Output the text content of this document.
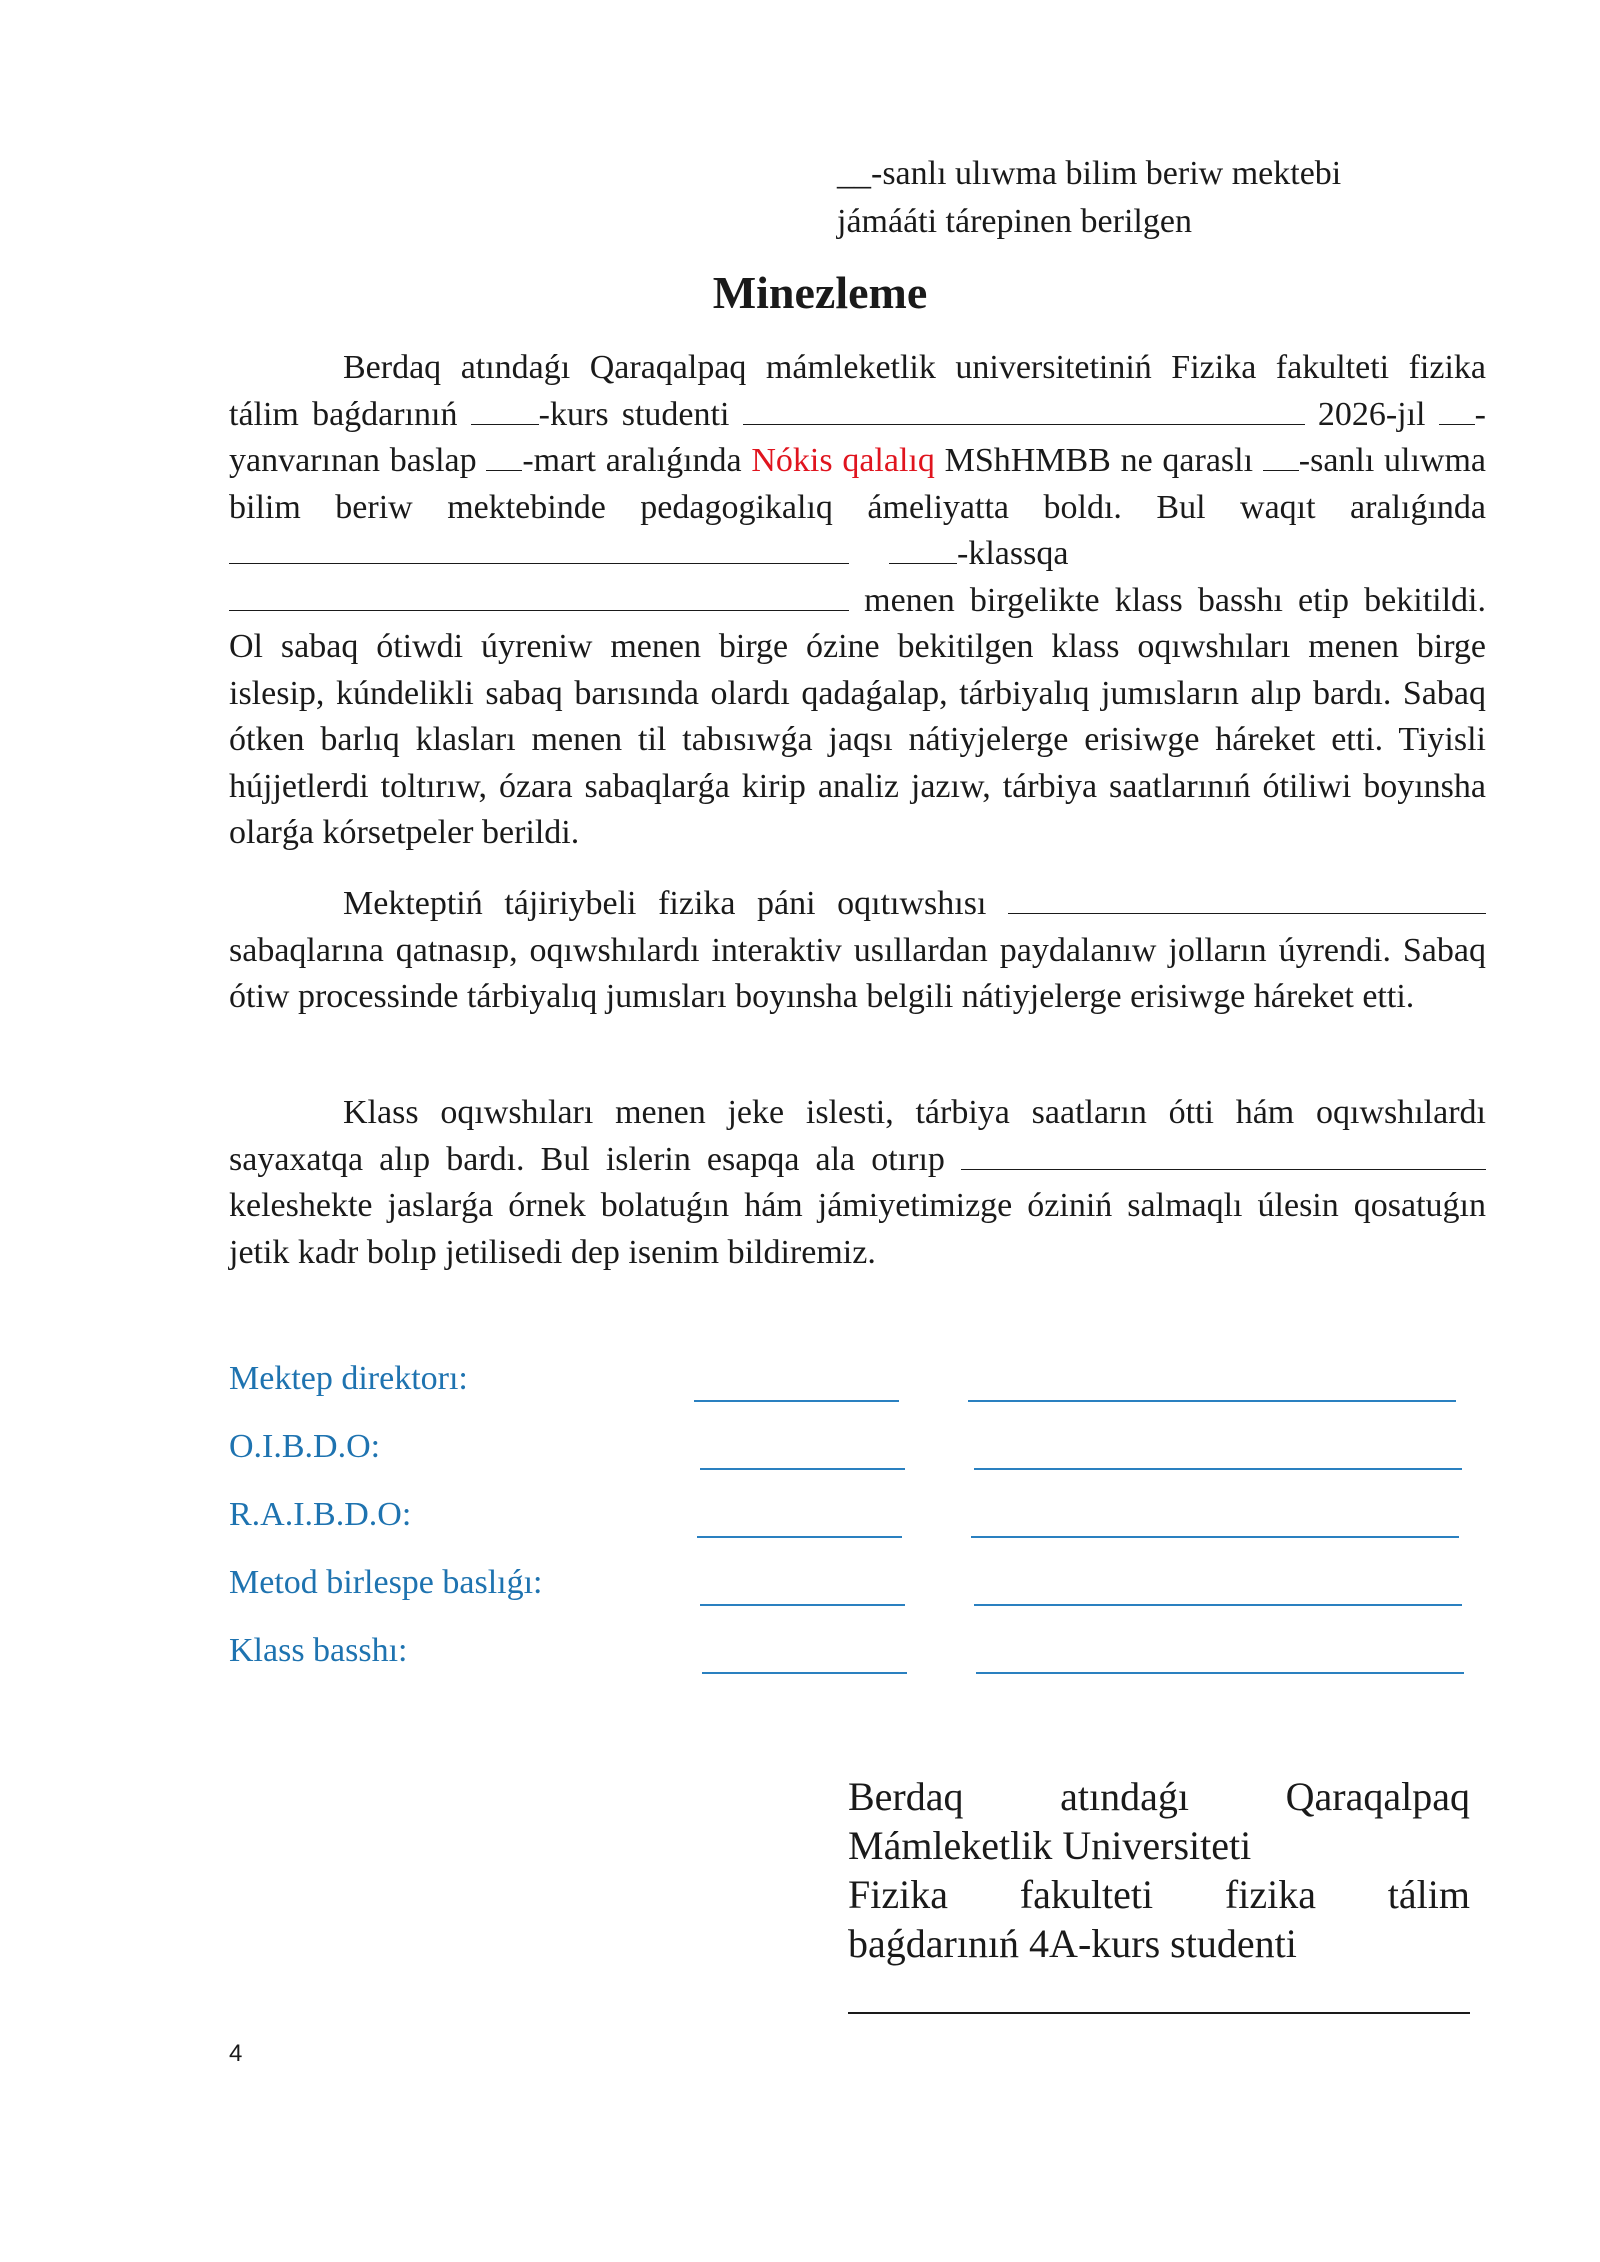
__-sanlı ulıwma bilim beriw mektebi
jámááti tárepinen berilgen
Minezleme

Berdaq atındaǵı Qaraqalpaq mámleketlik universitetiniń Fizika fakulteti fizika tálim baǵdarınıń -kurs studenti	2026-jıl -yanvarınan baslap -mart aralıǵında Nókis qalalıq MShHMBB ne qaraslı -sanlı ulıwma bilim beriw mektebinde pedagogikalıq ámeliyatta boldı. Bul waqıt aralıǵında -klassqa  menen birgelikte klass basshı etip bekitildi. Ol sabaq ótiwdi úyreniw menen birge ózine bekitilgen klass oqıwshıları menen birge islesip, kúndelikli sabaq barısında olardı qadaǵalap, tárbiyalıq jumısların alıp bardı. Sabaq ótken barlıq klasları menen til tabısıwǵa jaqsı nátiyjelerge erisiwge háreket etti. Tiyisli hújjetlerdi toltırıw, ózara sabaqlarǵa kirip analiz jazıw, tárbiya saatlarınıń ótiliwi boyınsha olarǵa kórsetpeler berildi.

Mekteptiń tájiriybeli fizika páni oqıtıwshısı  sabaqlarına qatnasıp, oqıwshılardı interaktiv usıllardan paydalanıw jolların úyrendi. Sabaq ótiw processinde tárbiyalıq jumısları boyınsha belgili nátiyjelerge erisiwge háreket etti.

Klass oqıwshıları menen jeke islesti, tárbiya saatların ótti hám oqıwshılardı sayaxatqa alıp bardı. Bul islerin esapqa ala otırıp  keleshekte jaslarǵa órnek bolatuǵın hám jámiyetimizge óziniń salmaqlı úlesin qosatuǵın jetik kadr bolıp jetilisedi dep isenim bildiremiz.

Mektep direktorı:
O.I.B.D.O:
R.A.I.B.D.O:
Metod birlespe baslıǵı:
Klass basshı:
Berdaq atındaǵı Qaraqalpaq
Mámleketlik Universiteti
Fizika fakulteti fizika tálim
baǵdarınıń 4A-kurs studenti
4
